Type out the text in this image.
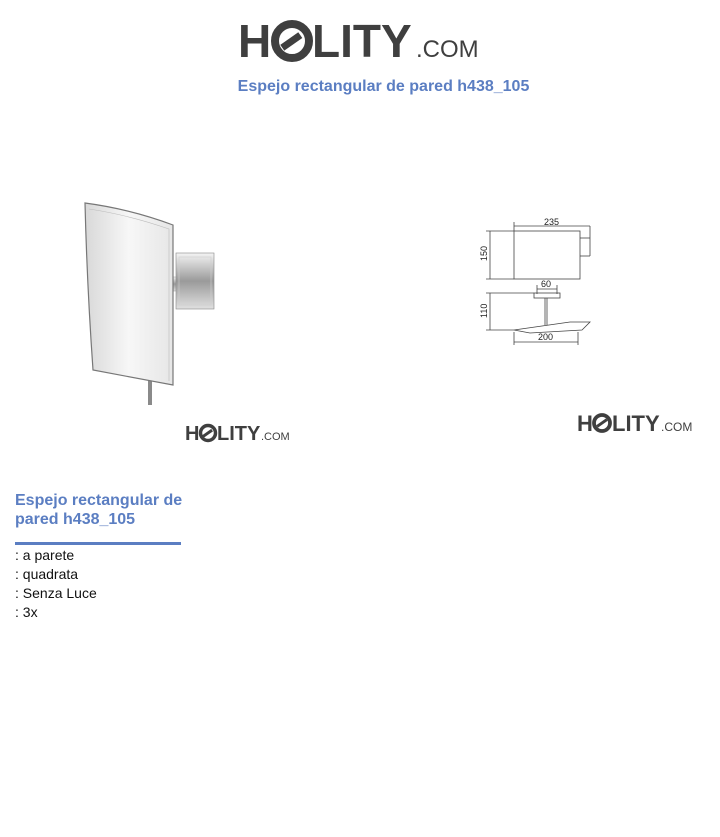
H LITY .COM
Espejo rectangular de pared h438_105
235
150
60
110
200
H LITY .COM
H LITY .COM
Espejo rectangular de pared h438_105
: a parete
: quadrata
: Senza Luce
: 3x
